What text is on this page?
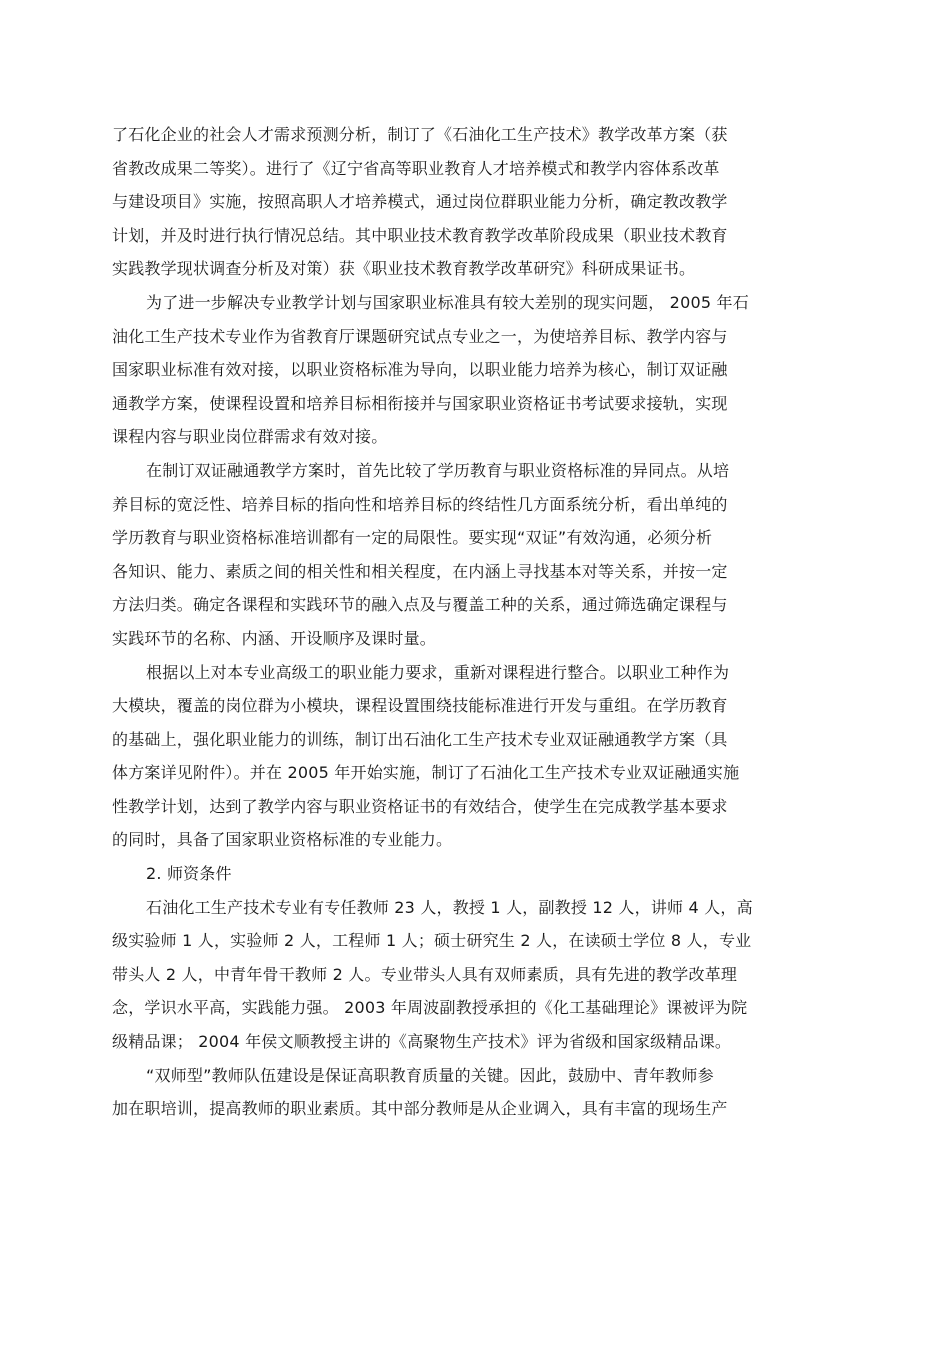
了石化企业的社会人才需求预测分析，制订了《石油化工生产技术》教学改革方案（获
省教改成果二等奖）。进行了《辽宁省高等职业教育人才培养模式和教学内容体系改革
与建设项目》实施，按照高职人才培养模式，通过岗位群职业能力分析，确定教改教学
计划，并及时进行执行情况总结。其中职业技术教育教学改革阶段成果（职业技术教育
实践教学现状调查分析及对策）获《职业技术教育教学改革研究》科研成果证书。
为了进一步解决专业教学计划与国家职业标准具有较大差别的现实问题， 2005 年石
油化工生产技术专业作为省教育厅课题研究试点专业之一，为使培养目标、教学内容与
国家职业标准有效对接，以职业资格标准为导向，以职业能力培养为核心，制订双证融
通教学方案，使课程设置和培养目标相衔接并与国家职业资格证书考试要求接轨，实现
课程内容与职业岗位群需求有效对接。
在制订双证融通教学方案时，首先比较了学历教育与职业资格标准的异同点。从培
养目标的宽泛性、培养目标的指向性和培养目标的终结性几方面系统分析，看出单纯的
学历教育与职业资格标准培训都有一定的局限性。要实现“双证”有效沟通，必须分析
各知识、能力、素质之间的相关性和相关程度，在内涵上寻找基本对等关系，并按一定
方法归类。确定各课程和实践环节的融入点及与覆盖工种的关系，通过筛选确定课程与
实践环节的名称、内涵、开设顺序及课时量。
根据以上对本专业高级工的职业能力要求，重新对课程进行整合。以职业工种作为
大模块，覆盖的岗位群为小模块，课程设置围绕技能标准进行开发与重组。在学历教育
的基础上，强化职业能力的训练，制订出石油化工生产技术专业双证融通教学方案（具
体方案详见附件）。并在 2005 年开始实施，制订了石油化工生产技术专业双证融通实施
性教学计划，达到了教学内容与职业资格证书的有效结合，使学生在完成教学基本要求
的同时，具备了国家职业资格标准的专业能力。
2. 师资条件
石油化工生产技术专业有专任教师 23 人，教授 1 人，副教授 12 人，讲师 4 人，高
级实验师 1 人，实验师 2 人，工程师 1 人；硕士研究生 2 人，在读硕士学位 8 人，专业
带头人 2 人，中青年骨干教师 2 人。专业带头人具有双师素质，具有先进的教学改革理
念，学识水平高，实践能力强。 2003 年周波副教授承担的《化工基础理论》课被评为院
级精品课； 2004 年侯文顺教授主讲的《高聚物生产技术》评为省级和国家级精品课。
“双师型”教师队伍建设是保证高职教育质量的关键。因此，鼓励中、青年教师参
加在职培训，提高教师的职业素质。其中部分教师是从企业调入，具有丰富的现场生产
